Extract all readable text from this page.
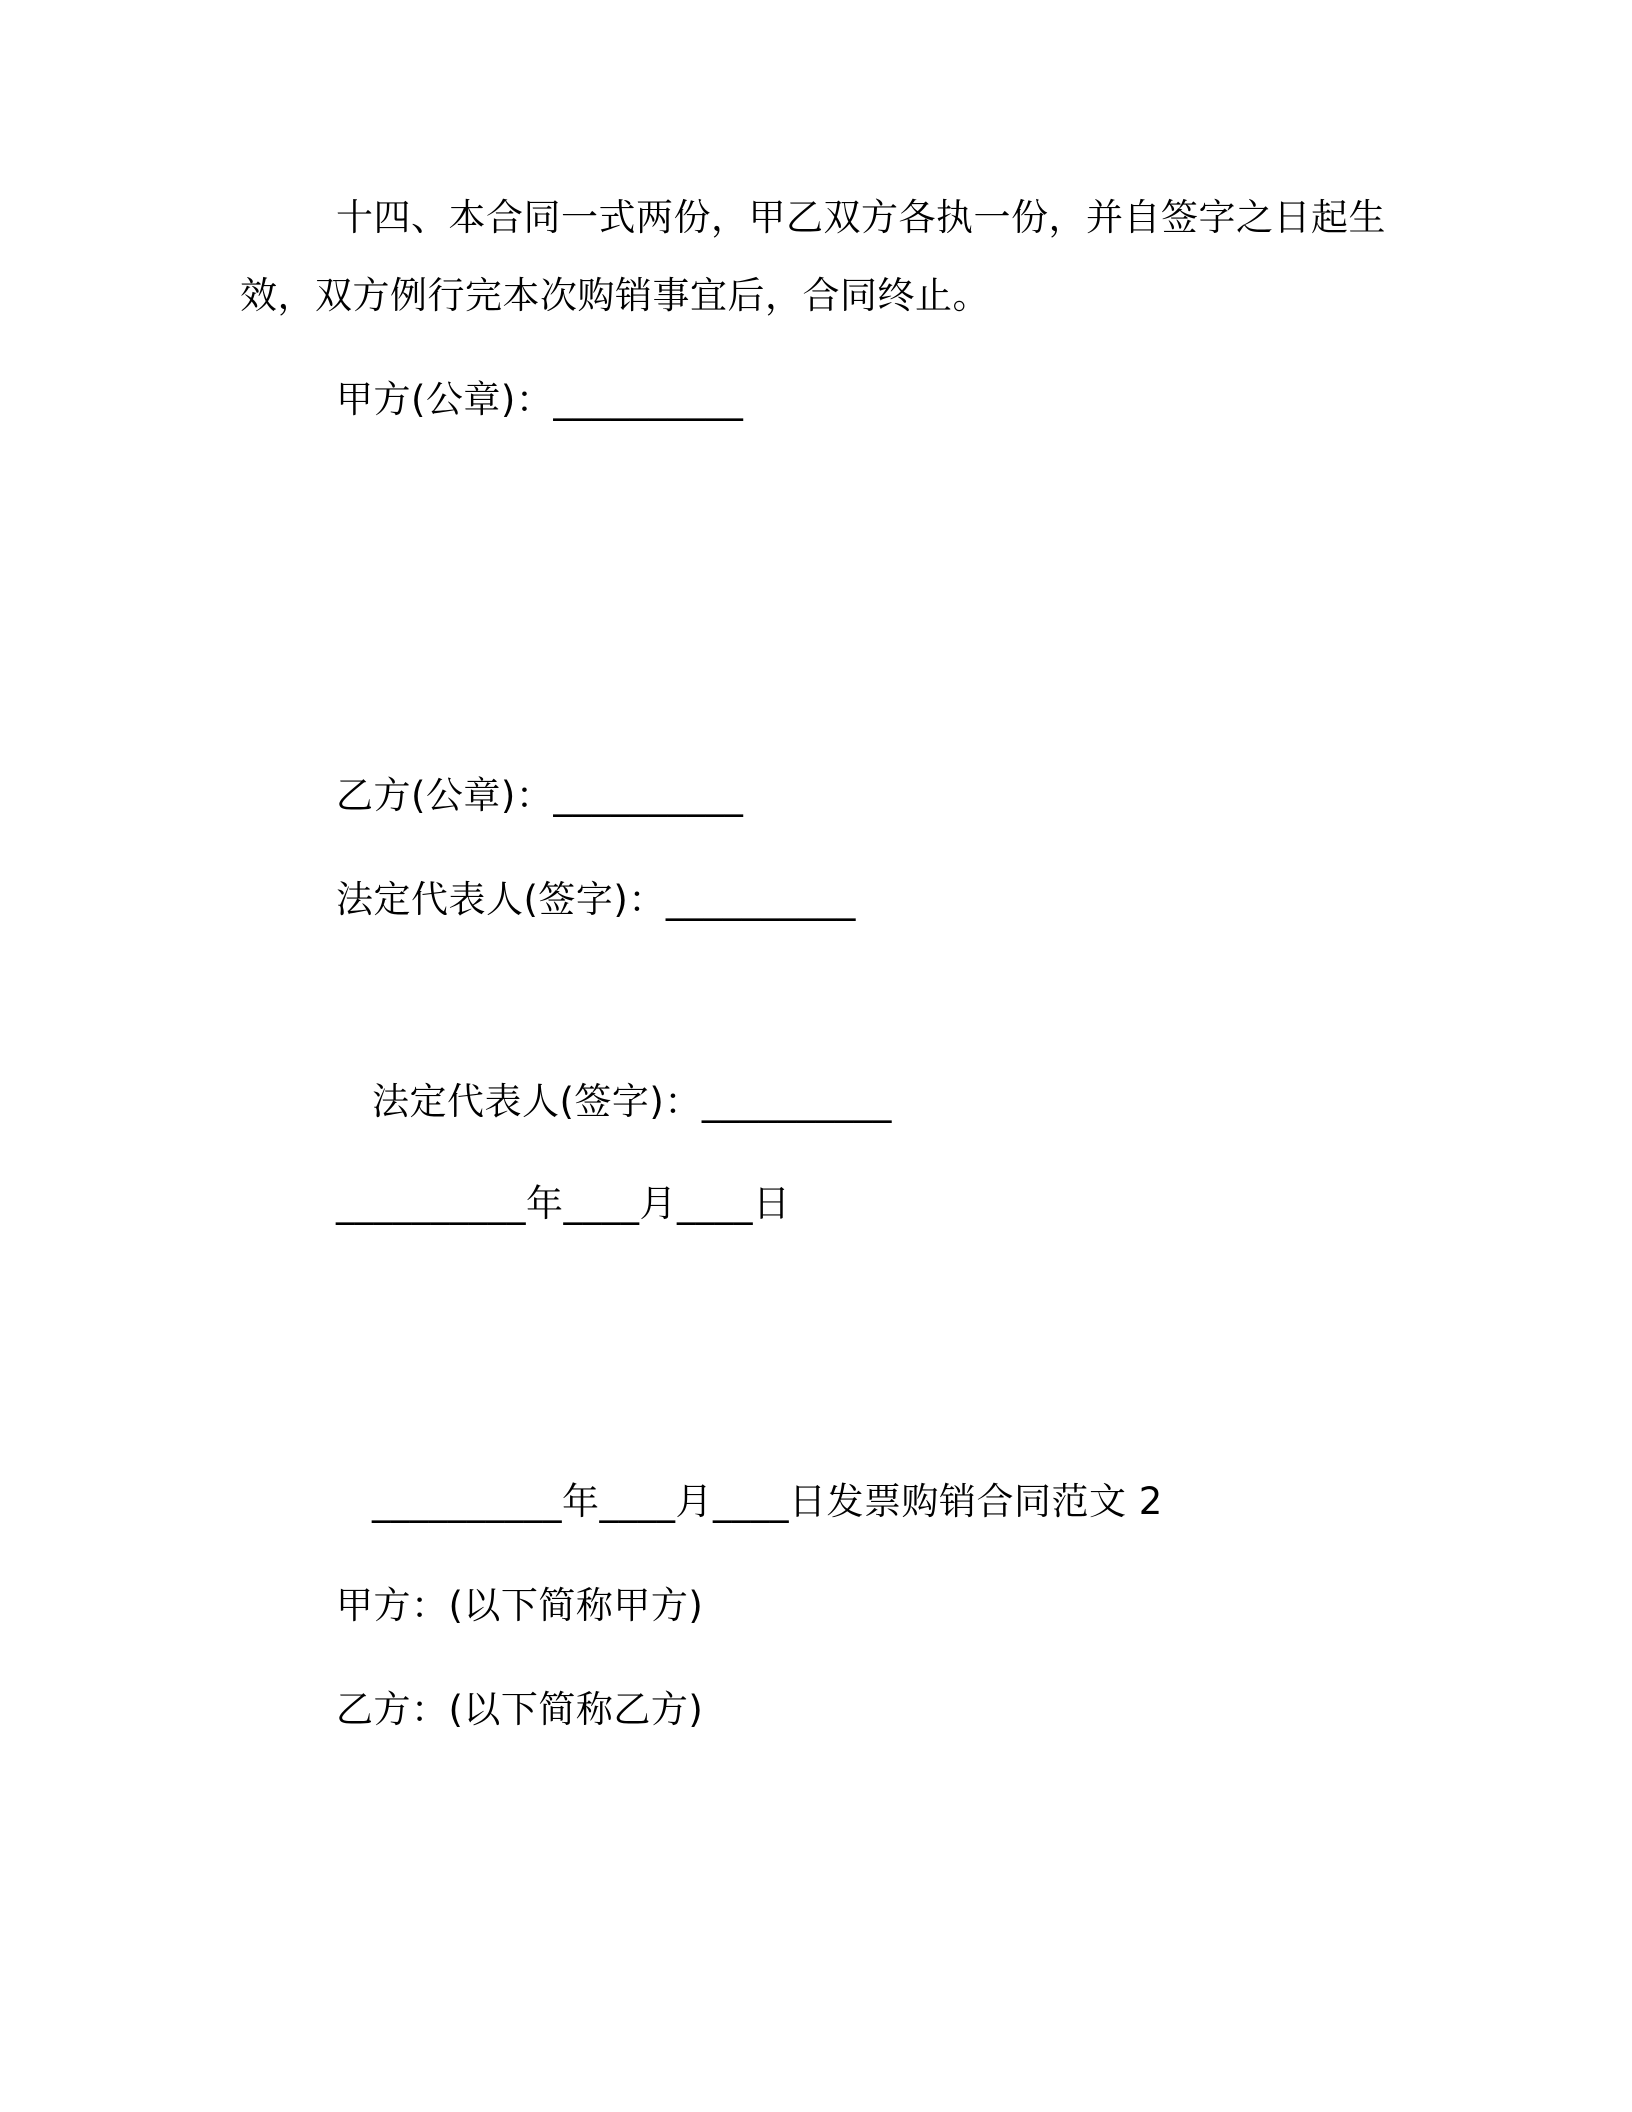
十四、本合同一式两份，甲乙双方各执一份，并自签字之日起生
效，双方例行完本次购销事宜后，合同终止。
甲方(公章)：__________
乙方(公章)：__________
法定代表人(签字)：__________
法定代表人(签字)：__________
__________年____月____日
__________年____月____日发票购销合同范文 2
甲方：(以下简称甲方)
乙方：(以下简称乙方)
